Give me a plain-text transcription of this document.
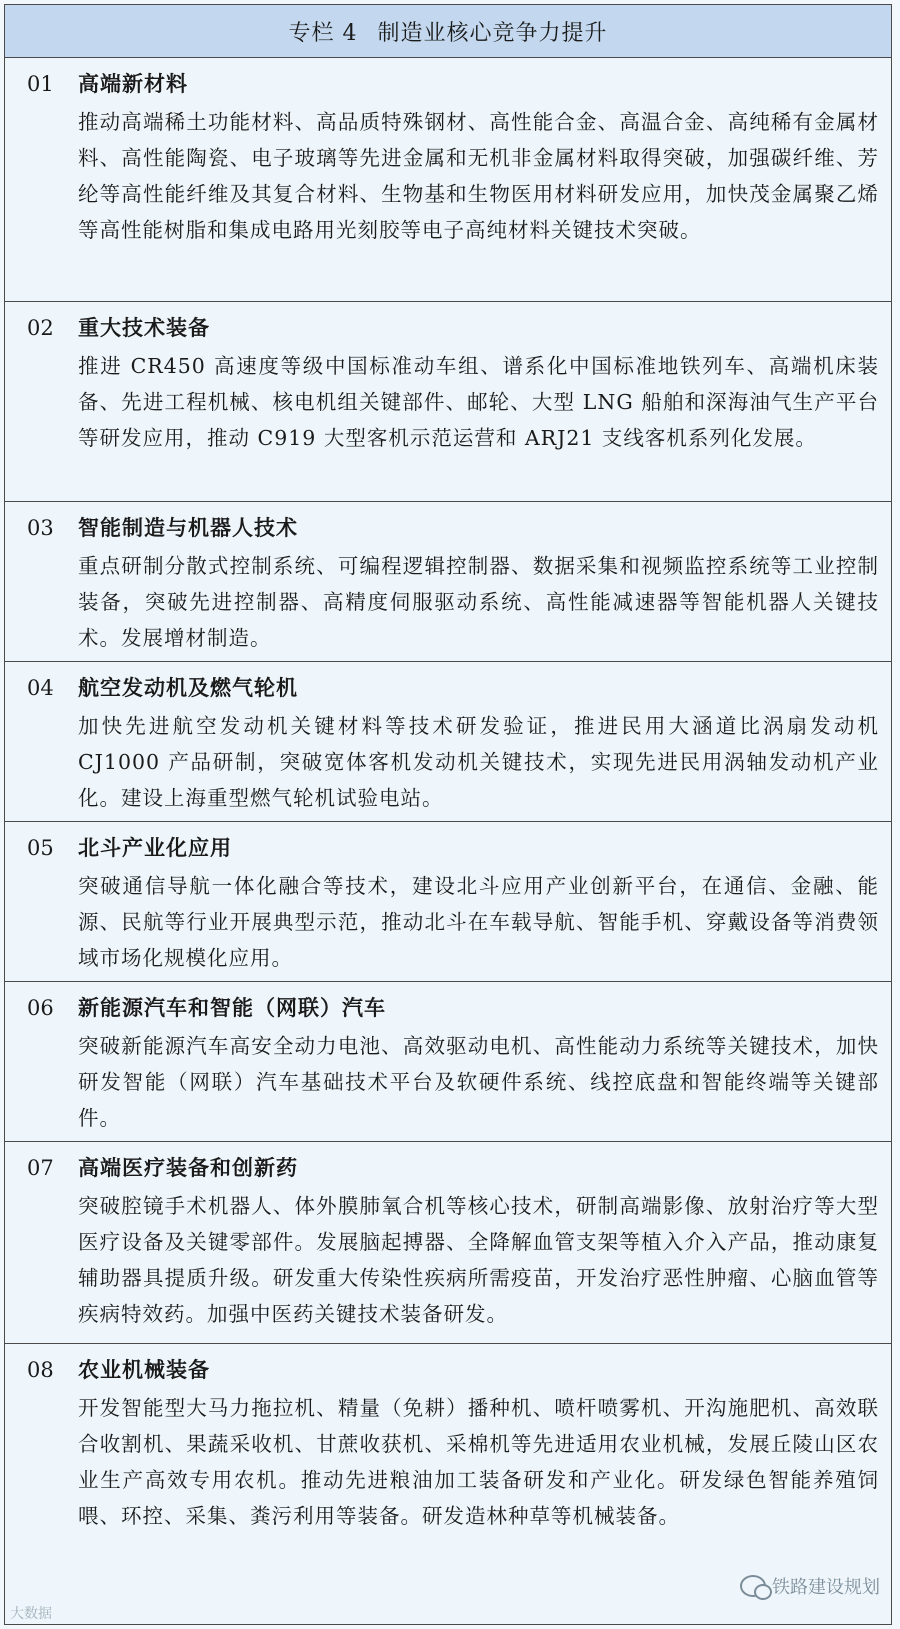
专栏 4 制造业核心竞争力提升
01	高端新材料
推动高端稀土功能材料、高品质特殊钢材、高性能合金、高温合金、高纯稀有金属材料、高性能陶瓷、电子玻璃等先进金属和无机非金属材料取得突破，加强碳纤维、芳纶等高性能纤维及其复合材料、生物基和生物医用材料研发应用，加快茂金属聚乙烯等高性能树脂和集成电路用光刻胶等电子高纯材料关键技术突破。
02	重大技术装备
推进 CR450 高速度等级中国标准动车组、谱系化中国标准地铁列车、高端机床装备、先进工程机械、核电机组关键部件、邮轮、大型 LNG 船舶和深海油气生产平台等研发应用，推动 C919 大型客机示范运营和 ARJ21 支线客机系列化发展。
03	智能制造与机器人技术
重点研制分散式控制系统、可编程逻辑控制器、数据采集和视频监控系统等工业控制装备，突破先进控制器、高精度伺服驱动系统、高性能减速器等智能机器人关键技术。发展增材制造。
04	航空发动机及燃气轮机
加快先进航空发动机关键材料等技术研发验证，推进民用大涵道比涡扇发动机 CJ1000 产品研制，突破宽体客机发动机关键技术，实现先进民用涡轴发动机产业化。建设上海重型燃气轮机试验电站。
05	北斗产业化应用
突破通信导航一体化融合等技术，建设北斗应用产业创新平台，在通信、金融、能源、民航等行业开展典型示范，推动北斗在车载导航、智能手机、穿戴设备等消费领域市场化规模化应用。
06	新能源汽车和智能（网联）汽车
突破新能源汽车高安全动力电池、高效驱动电机、高性能动力系统等关键技术，加快研发智能（网联）汽车基础技术平台及软硬件系统、线控底盘和智能终端等关键部件。
07	高端医疗装备和创新药
突破腔镜手术机器人、体外膜肺氧合机等核心技术，研制高端影像、放射治疗等大型医疗设备及关键零部件。发展脑起搏器、全降解血管支架等植入介入产品，推动康复辅助器具提质升级。研发重大传染性疾病所需疫苗，开发治疗恶性肿瘤、心脑血管等疾病特效药。加强中医药关键技术装备研发。
08	农业机械装备
开发智能型大马力拖拉机、精量（免耕）播种机、喷杆喷雾机、开沟施肥机、高效联合收割机、果蔬采收机、甘蔗收获机、采棉机等先进适用农业机械，发展丘陵山区农业生产高效专用农机。推动先进粮油加工装备研发和产业化。研发绿色智能养殖饲喂、环控、采集、粪污利用等装备。研发造林种草等机械装备。
大数据
铁路建设规划
